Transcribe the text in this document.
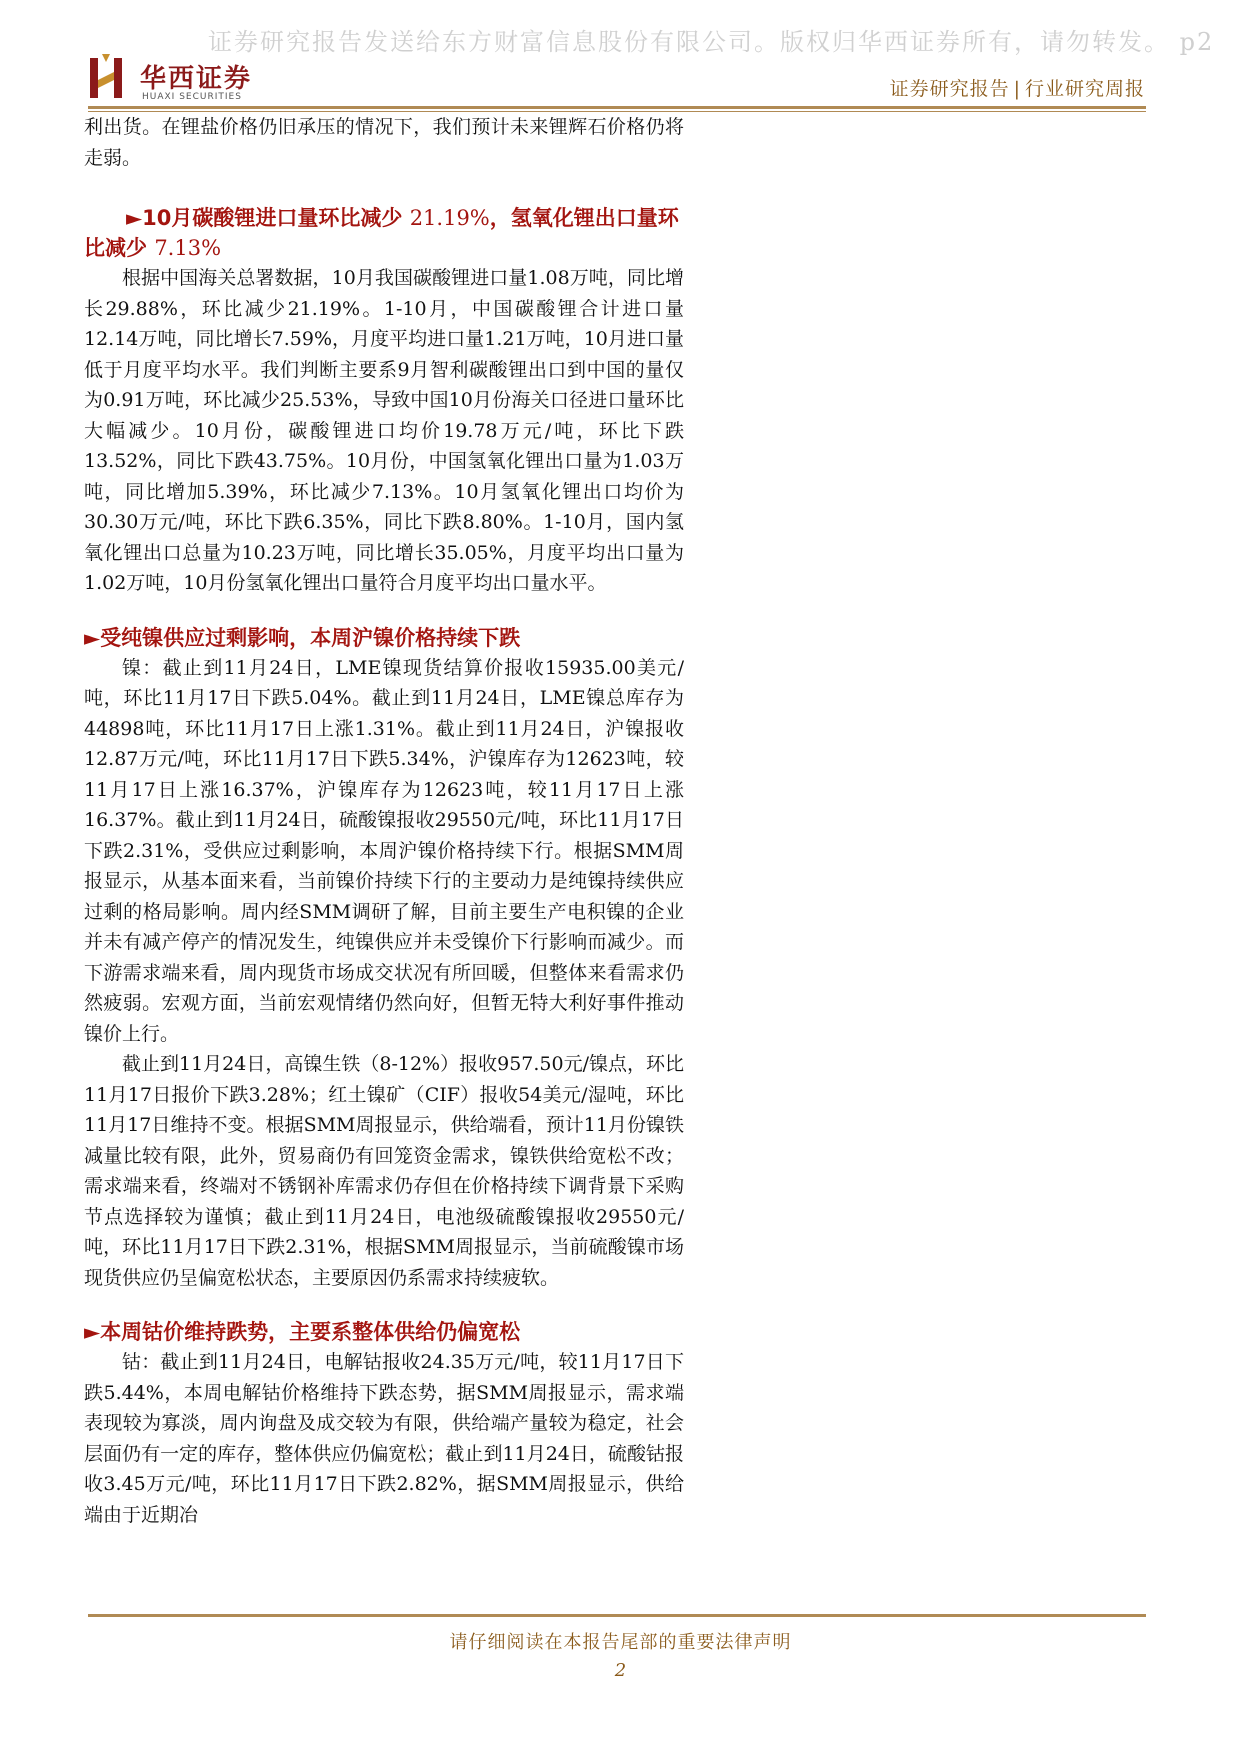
证券研究报告发送给东方财富信息股份有限公司。版权归华西证券所有，请勿转发。 p2
华西证券
HUAXI SECURITIES	证券研究报告 | 行业研究周报

利出货。在锂盐价格仍旧承压的情况下，我们预计未来锂辉石价格仍将走弱。

►10月碳酸锂进口量环比减少 21.19%，氢氧化锂出口量环比减少 7.13%

根据中国海关总署数据，10月我国碳酸锂进口量1.08万吨，同比增长29.88%，环比减少21.19%。1-10月，中国碳酸锂合计进口量12.14万吨，同比增长7.59%，月度平均进口量1.21万吨，10月进口量低于月度平均水平。我们判断主要系9月智利碳酸锂出口到中国的量仅为0.91万吨，环比减少25.53%，导致中国10月份海关口径进口量环比大幅减少。10月份，碳酸锂进口均价19.78万元/吨，环比下跌13.52%，同比下跌43.75%。10月份，中国氢氧化锂出口量为1.03万吨，同比增加5.39%，环比减少7.13%。10月氢氧化锂出口均价为30.30万元/吨，环比下跌6.35%，同比下跌8.80%。1-10月，国内氢氧化锂出口总量为10.23万吨，同比增长35.05%，月度平均出口量为1.02万吨，10月份氢氧化锂出口量符合月度平均出口量水平。

►受纯镍供应过剩影响，本周沪镍价格持续下跌

镍：截止到11月24日，LME镍现货结算价报收15935.00美元/吨，环比11月17日下跌5.04%。截止到11月24日，LME镍总库存为44898吨，环比11月17日上涨1.31%。截止到11月24日，沪镍报收12.87万元/吨，环比11月17日下跌5.34%，沪镍库存为12623吨，较11月17日上涨16.37%，沪镍库存为12623吨，较11月17日上涨16.37%。截止到11月24日，硫酸镍报收29550元/吨，环比11月17日下跌2.31%，受供应过剩影响，本周沪镍价格持续下行。根据SMM周报显示，从基本面来看，当前镍价持续下行的主要动力是纯镍持续供应过剩的格局影响。周内经SMM调研了解，目前主要生产电积镍的企业并未有减产停产的情况发生，纯镍供应并未受镍价下行影响而减少。而下游需求端来看，周内现货市场成交状况有所回暖，但整体来看需求仍然疲弱。宏观方面，当前宏观情绪仍然向好，但暂无特大利好事件推动镍价上行。

截止到11月24日，高镍生铁（8-12%）报收957.50元/镍点，环比11月17日报价下跌3.28%；红土镍矿（CIF）报收54美元/湿吨，环比11月17日维持不变。根据SMM周报显示，供给端看，预计11月份镍铁减量比较有限，此外，贸易商仍有回笼资金需求，镍铁供给宽松不改；需求端来看，终端对不锈钢补库需求仍存但在价格持续下调背景下采购节点选择较为谨慎；截止到11月24日，电池级硫酸镍报收29550元/吨，环比11月17日下跌2.31%，根据SMM周报显示，当前硫酸镍市场现货供应仍呈偏宽松状态，主要原因仍系需求持续疲软。

►本周钴价维持跌势，主要系整体供给仍偏宽松

钴：截止到11月24日，电解钴报收24.35万元/吨，较11月17日下跌5.44%，本周电解钴价格维持下跌态势，据SMM周报显示，需求端表现较为寡淡，周内询盘及成交较为有限，供给端产量较为稳定，社会层面仍有一定的库存，整体供应仍偏宽松；截止到11月24日，硫酸钴报收3.45万元/吨，环比11月17日下跌2.82%，据SMM周报显示，供给端由于近期冶

请仔细阅读在本报告尾部的重要法律声明
2
